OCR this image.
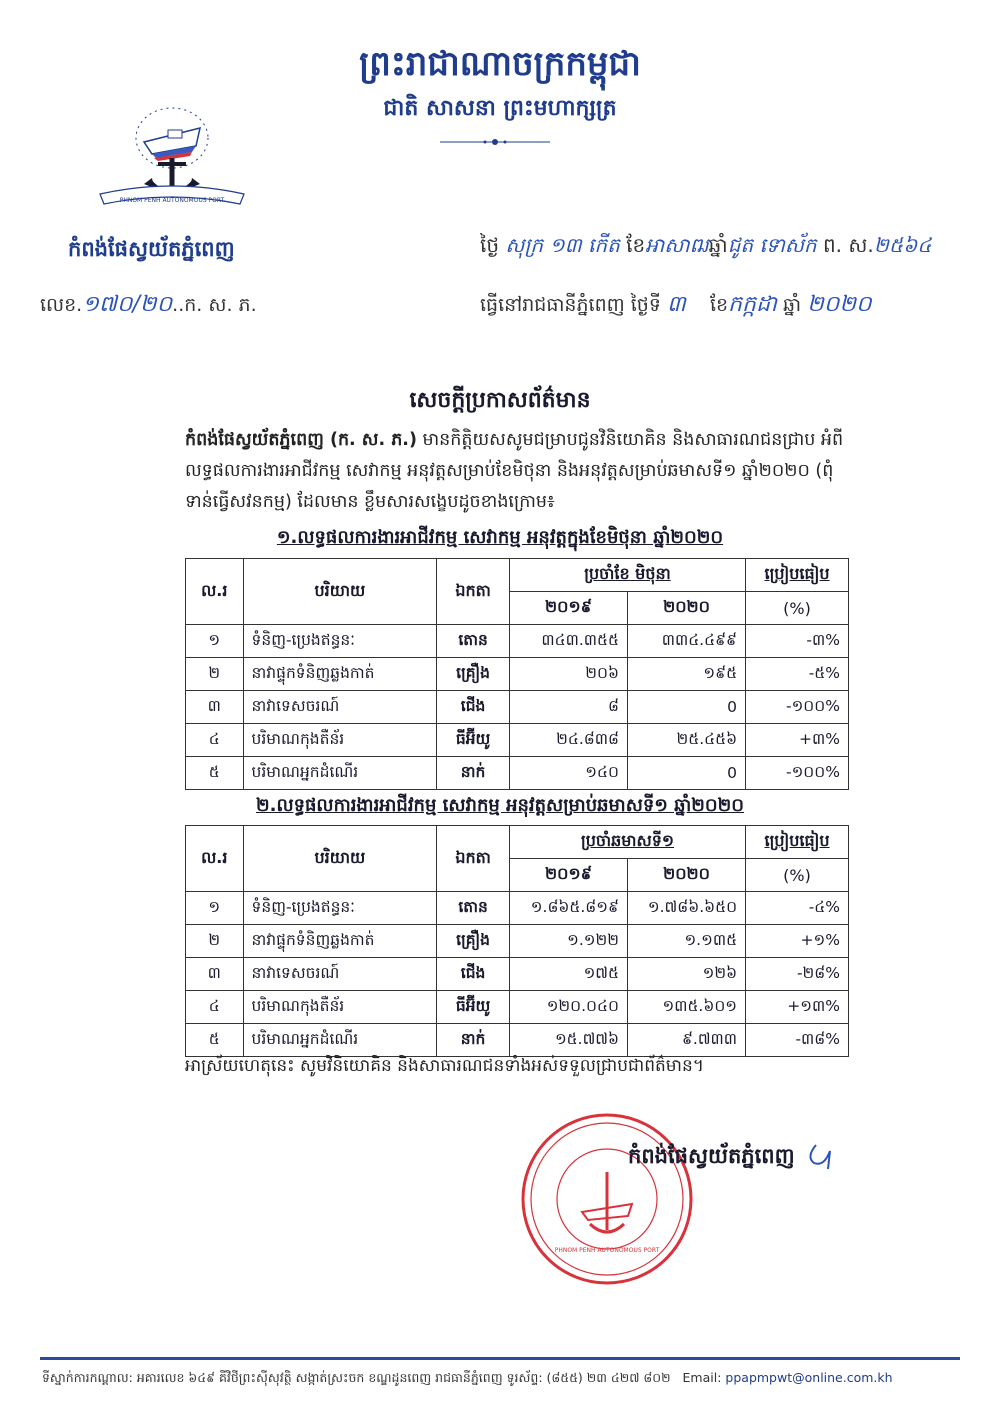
ព្រះរាជាណាចក្រកម្ពុជា
ជាតិ សាសនា ព្រះមហាក្សត្រ
PHNOM PENH AUTONOMOUS PORT
កំពង់ផែស្វយ័តភ្នំពេញ
លេខ.១៧០/២០..ក. ស. ភ.
ថ្ងៃ សុក្រ ១៣ កើត ខែអាសាឍឆ្នាំជូត ទោស័ក ព. ស.២៥៦៤
ធ្វើនៅរាជធានីភ្នំពេញ ថ្ងៃទី ៣ ខែកក្កដា ឆ្នាំ ២០២០
សេចក្តីប្រកាសព័ត៌មាន
កំពង់ផែស្វយ័តភ្នំពេញ (ក. ស. ភ.) មានកិត្តិយសសូមជម្រាបជូនវិនិយោគិន និងសាធារណជនជ្រាប អំពីលទ្ធផលការងារអាជីវកម្ម សេវាកម្ម អនុវត្តសម្រាប់ខែមិថុនា និងអនុវត្តសម្រាប់ឆមាសទី១ ឆ្នាំ២០២០ (ពុំទាន់ធ្វើសវនកម្ម) ដែលមាន ខ្លឹមសារសង្ខេបដូចខាងក្រោម៖
១.លទ្ធផលការងារអាជីវកម្ម សេវាកម្ម អនុវត្តក្នុងខែមិថុនា ឆ្នាំ២០២០
ល.រ	បរិយាយ	ឯកតា	ប្រចាំខែ មិថុនា		ប្រៀបធៀប
			២០១៩	២០២០	(%)
១	ទំនិញ-ប្រេងឥន្ធនៈ	តោន	៣៤៣.៣៥៥	៣៣៤.៤៩៩	-៣%
២	នាវាផ្ទុកទំនិញឆ្លងកាត់	គ្រឿង	២០៦	១៩៥	-៥%
៣	នាវាទេសចរណ៍	ជើង	៨	0	-១០០%
៤	បរិមាណកុងតឺន័រ	ធីអ៊ីយូ	២៤.៨៣៨	២៥.៤៥៦	+៣%
៥	បរិមាណអ្នកដំណើរ	នាក់	១៤០	0	-១០០%
២.លទ្ធផលការងារអាជីវកម្ម សេវាកម្ម អនុវត្តសម្រាប់ឆមាសទី១ ឆ្នាំ២០២០
ល.រ	បរិយាយ	ឯកតា	ប្រចាំឆមាសទី១		ប្រៀបធៀប
			២០១៩	២០២០	(%)
១	ទំនិញ-ប្រេងឥន្ធនៈ	តោន	១.៨៦៥.៨១៩	១.៧៨៦.៦៥០	-៤%
២	នាវាផ្ទុកទំនិញឆ្លងកាត់	គ្រឿង	១.១២២	១.១៣៥	+១%
៣	នាវាទេសចរណ៍	ជើង	១៧៥	១២៦	-២៨%
៤	បរិមាណកុងតឺន័រ	ធីអ៊ីយូ	១២០.០៤០	១៣៥.៦០១	+១៣%
៥	បរិមាណអ្នកដំណើរ	នាក់	១៥.៧៧៦	៩.៧៣៣	-៣៨%
អាស្រ័យហេតុនេះ សូមវិនិយោគិន និងសាធារណជនទាំងអស់ទទួលជ្រាបជាព័ត៌មាន។
PHNOM PENH AUTONOMOUS PORT
កំពង់ផែស្វយ័តភ្នំពេញ
ទីស្នាក់ការកណ្តាល: អគារលេខ ៦៤៩ គីវិថីព្រះស៊ីសុវត្ថិ សង្កាត់ស្រះចក ខណ្ឌដូនពេញ រាជធានីភ្នំពេញ ទូរស័ព្ទ: (៨៥៥) ២៣ ៤២៧ ៨០២ Email: ppapmpwt@online.com.kh
